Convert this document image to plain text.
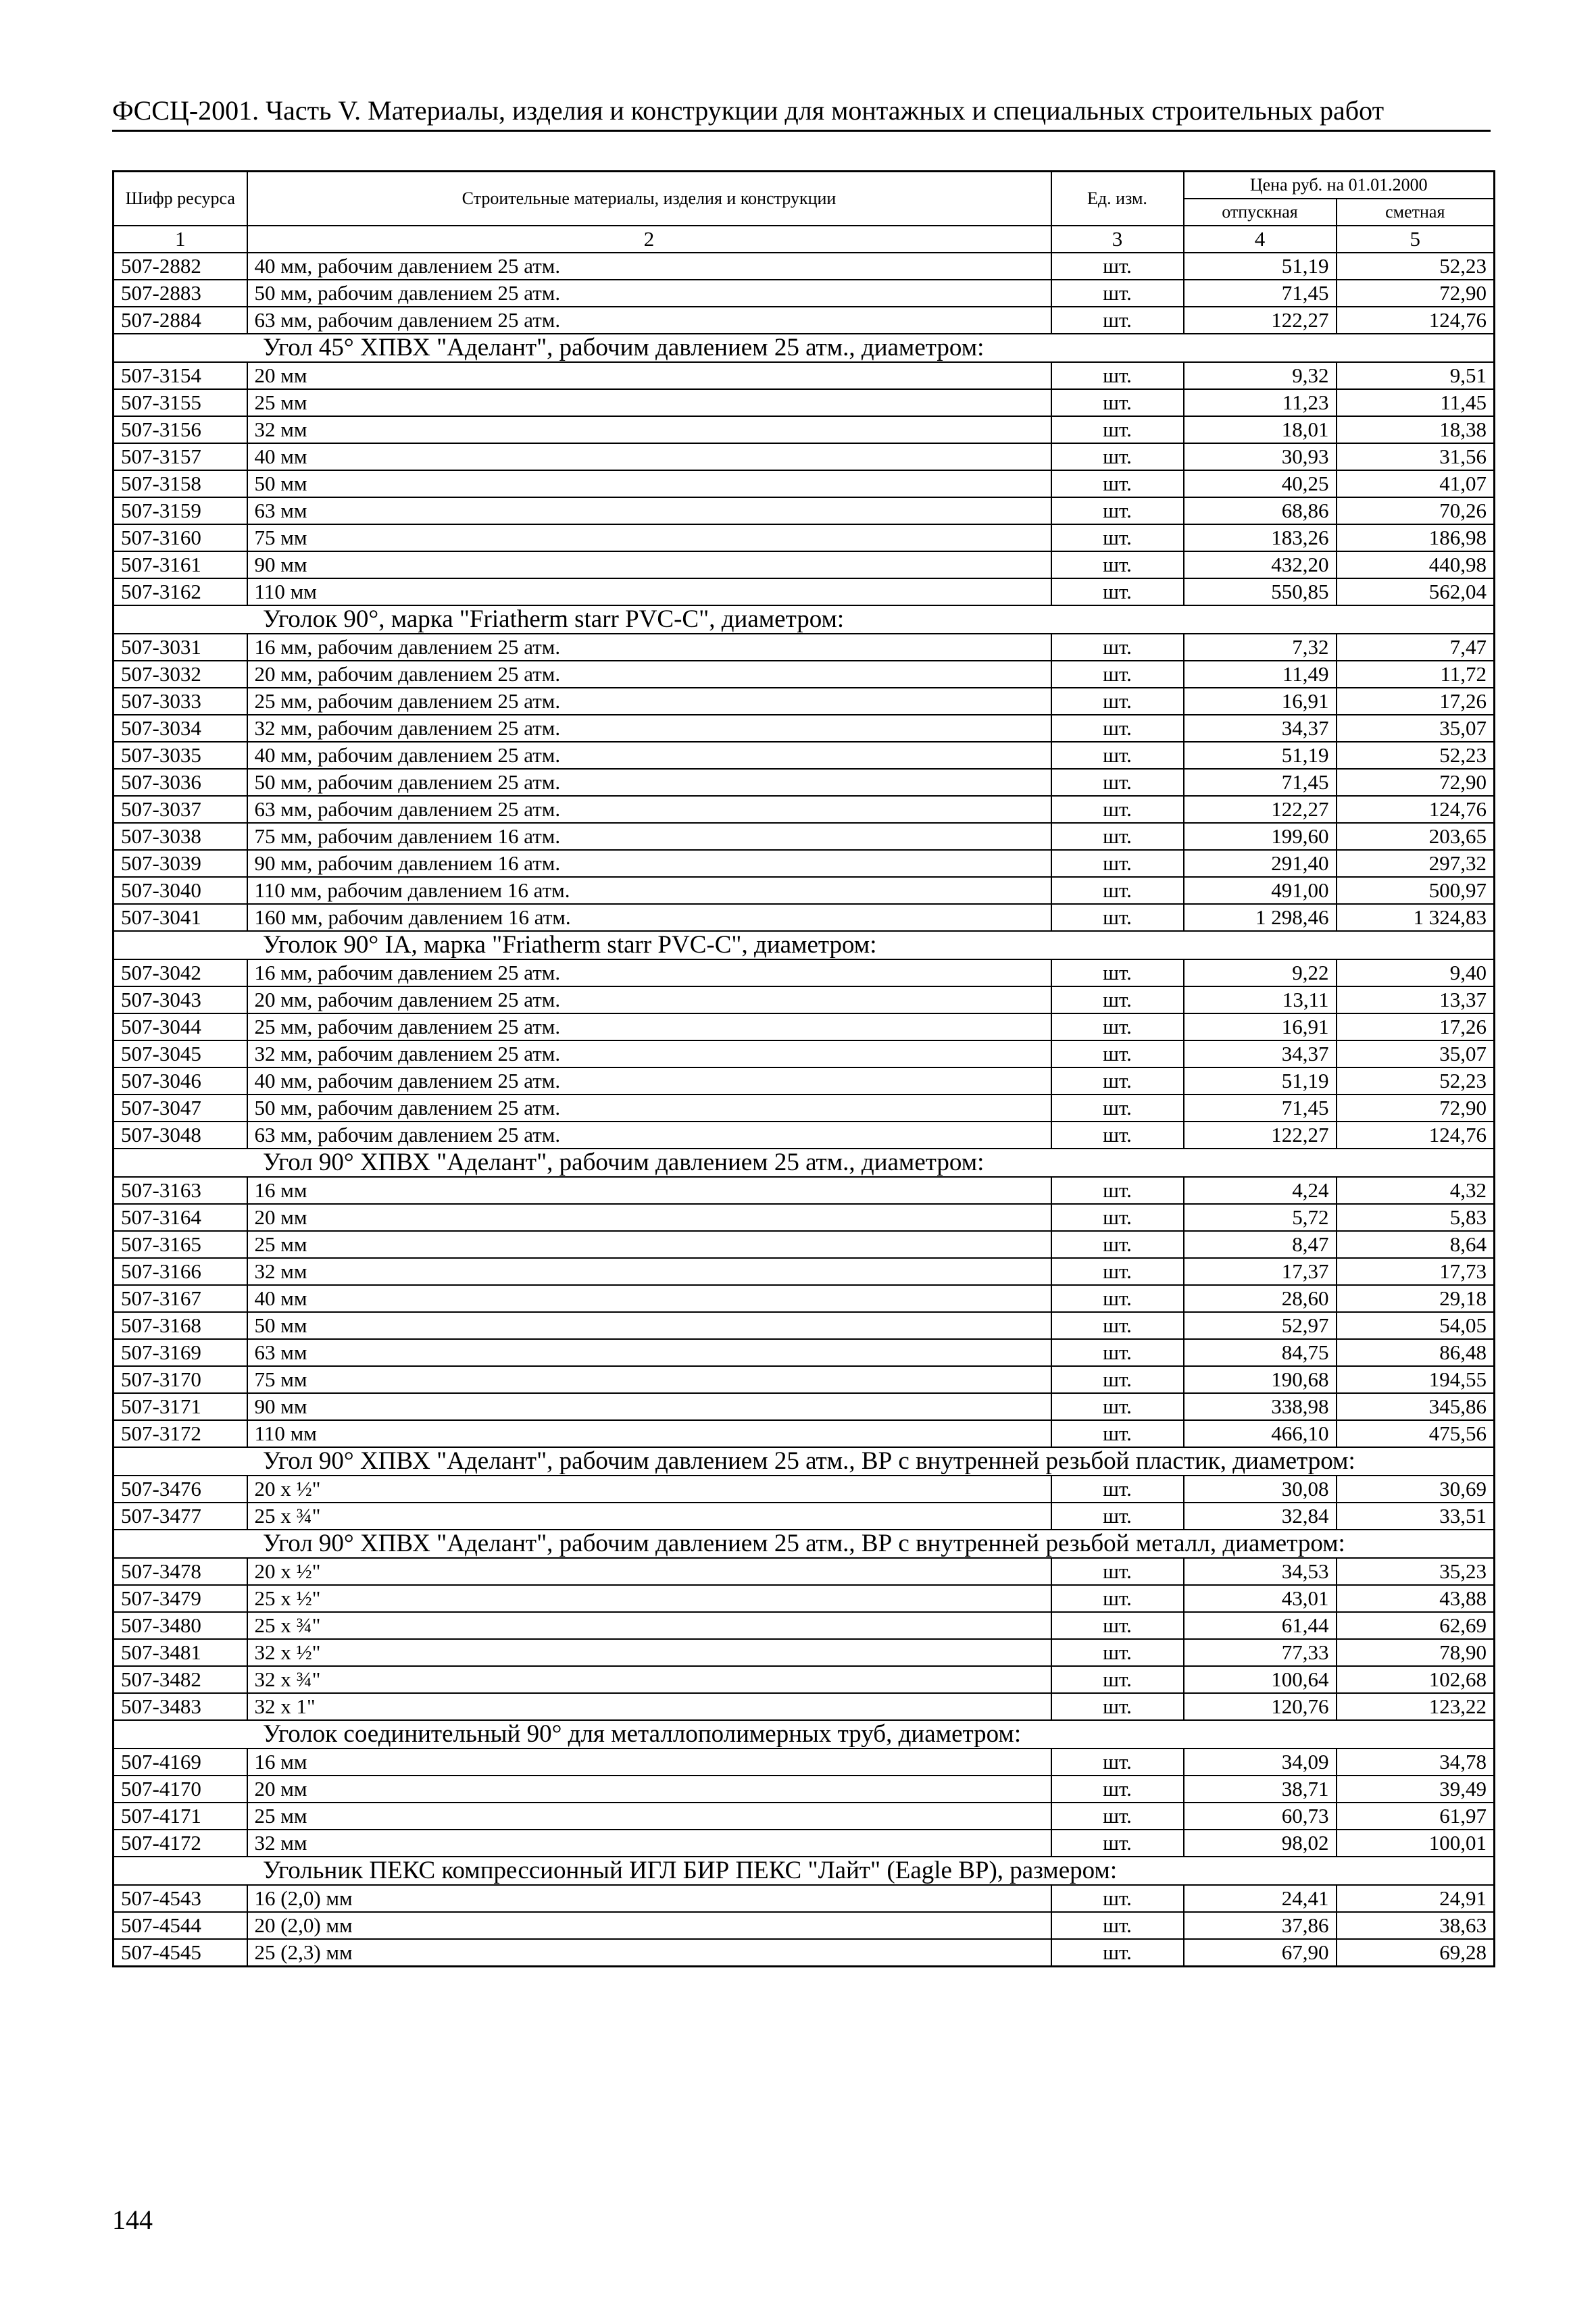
ФССЦ-2001. Часть V. Материалы, изделия и конструкции для монтажных и специальных строительных работ
Шифр ресурса	Строительные материалы, изделия и конструкции	Ед. изм.	Цена руб. на 01.01.2000	
			отпускная	сметная
1	2	3	4	5
507-2882	40 мм, рабочим давлением 25 атм.	шт.	51,19	52,23
507-2883	50 мм, рабочим давлением 25 атм.	шт.	71,45	72,90
507-2884	63 мм, рабочим давлением 25 атм.	шт.	122,27	124,76
Угол 45° ХПВХ "Аделант", рабочим давлением 25 атм., диаметром:				
507-3154	20 мм	шт.	9,32	9,51
507-3155	25 мм	шт.	11,23	11,45
507-3156	32 мм	шт.	18,01	18,38
507-3157	40 мм	шт.	30,93	31,56
507-3158	50 мм	шт.	40,25	41,07
507-3159	63 мм	шт.	68,86	70,26
507-3160	75 мм	шт.	183,26	186,98
507-3161	90 мм	шт.	432,20	440,98
507-3162	110 мм	шт.	550,85	562,04
Уголок 90°, марка "Friatherm starr PVC-C", диаметром:				
507-3031	16 мм, рабочим давлением 25 атм.	шт.	7,32	7,47
507-3032	20 мм, рабочим давлением 25 атм.	шт.	11,49	11,72
507-3033	25 мм, рабочим давлением 25 атм.	шт.	16,91	17,26
507-3034	32 мм, рабочим давлением 25 атм.	шт.	34,37	35,07
507-3035	40 мм, рабочим давлением 25 атм.	шт.	51,19	52,23
507-3036	50 мм, рабочим давлением 25 атм.	шт.	71,45	72,90
507-3037	63 мм, рабочим давлением 25 атм.	шт.	122,27	124,76
507-3038	75 мм, рабочим давлением 16 атм.	шт.	199,60	203,65
507-3039	90 мм, рабочим давлением 16 атм.	шт.	291,40	297,32
507-3040	110 мм, рабочим давлением 16 атм.	шт.	491,00	500,97
507-3041	160 мм, рабочим давлением 16 атм.	шт.	1 298,46	1 324,83
Уголок 90° IA, марка "Friatherm starr PVC-C", диаметром:				
507-3042	16 мм, рабочим давлением 25 атм.	шт.	9,22	9,40
507-3043	20 мм, рабочим давлением 25 атм.	шт.	13,11	13,37
507-3044	25 мм, рабочим давлением 25 атм.	шт.	16,91	17,26
507-3045	32 мм, рабочим давлением 25 атм.	шт.	34,37	35,07
507-3046	40 мм, рабочим давлением 25 атм.	шт.	51,19	52,23
507-3047	50 мм, рабочим давлением 25 атм.	шт.	71,45	72,90
507-3048	63 мм, рабочим давлением 25 атм.	шт.	122,27	124,76
Угол 90° ХПВХ "Аделант", рабочим давлением 25 атм., диаметром:				
507-3163	16 мм	шт.	4,24	4,32
507-3164	20 мм	шт.	5,72	5,83
507-3165	25 мм	шт.	8,47	8,64
507-3166	32 мм	шт.	17,37	17,73
507-3167	40 мм	шт.	28,60	29,18
507-3168	50 мм	шт.	52,97	54,05
507-3169	63 мм	шт.	84,75	86,48
507-3170	75 мм	шт.	190,68	194,55
507-3171	90 мм	шт.	338,98	345,86
507-3172	110 мм	шт.	466,10	475,56
Угол 90° ХПВХ "Аделант", рабочим давлением 25 атм., ВР с внутренней резьбой пластик, диаметром:				
507-3476	20 х ½"	шт.	30,08	30,69
507-3477	25 х ¾"	шт.	32,84	33,51
Угол 90° ХПВХ "Аделант", рабочим давлением 25 атм., ВР с внутренней резьбой металл, диаметром:				
507-3478	20 х ½"	шт.	34,53	35,23
507-3479	25 х ½"	шт.	43,01	43,88
507-3480	25 х ¾"	шт.	61,44	62,69
507-3481	32 х ½"	шт.	77,33	78,90
507-3482	32 х ¾"	шт.	100,64	102,68
507-3483	32 х 1"	шт.	120,76	123,22
Уголок соединительный 90° для металлополимерных труб, диаметром:				
507-4169	16 мм	шт.	34,09	34,78
507-4170	20 мм	шт.	38,71	39,49
507-4171	25 мм	шт.	60,73	61,97
507-4172	32 мм	шт.	98,02	100,01
Угольник ПЕКС компрессионный ИГЛ БИР ПЕКС "Лайт" (Eagle BP), размером:				
507-4543	16 (2,0) мм	шт.	24,41	24,91
507-4544	20 (2,0) мм	шт.	37,86	38,63
507-4545	25 (2,3) мм	шт.	67,90	69,28
144
